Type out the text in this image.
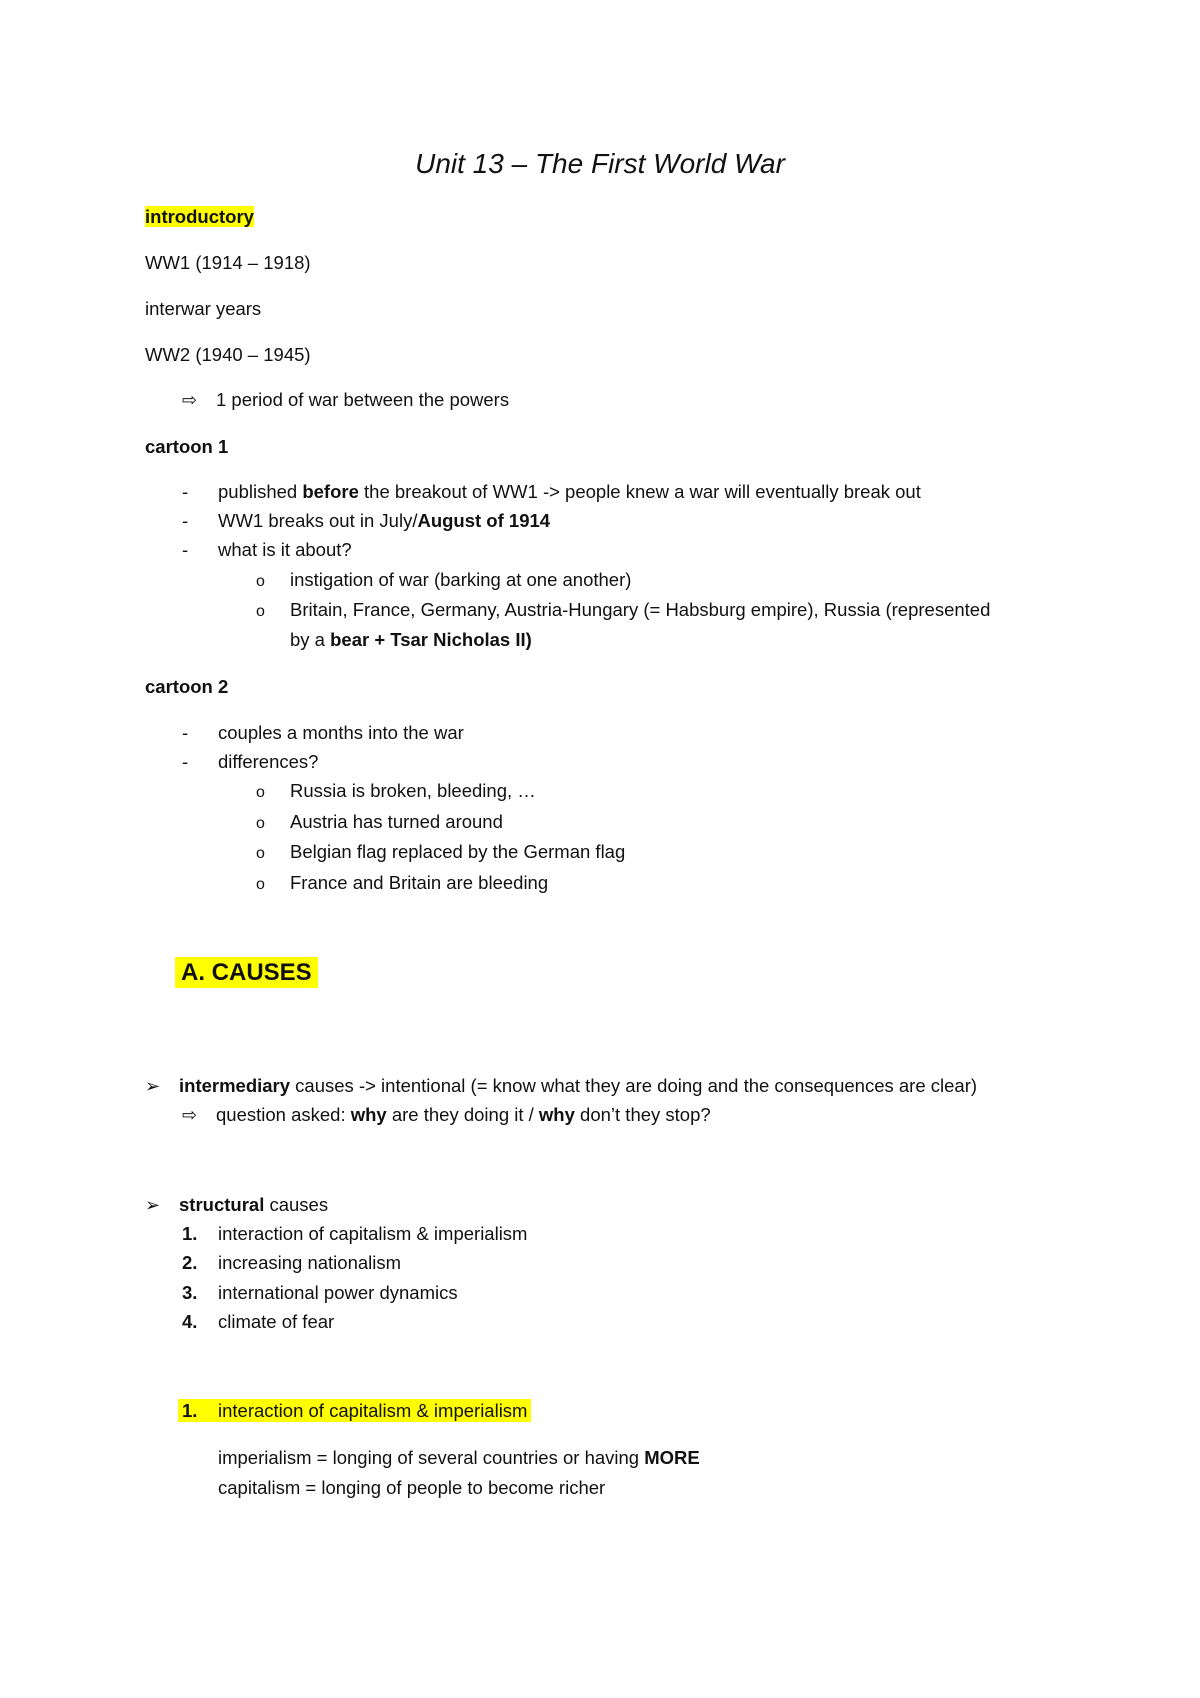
Unit 13 – The First World War
introductory
WW1 (1914 – 1918)
interwar years
WW2 (1940 – 1945)
⇨ 1 period of war between the powers
cartoon 1
- published before the breakout of WW1 -> people knew a war will eventually break out
- WW1 breaks out in July/August of 1914
- what is it about?
o instigation of war (barking at one another)
o Britain, France, Germany, Austria-Hungary (= Habsburg empire), Russia (represented
by a bear + Tsar Nicholas II)
cartoon 2
- couples a months into the war
- differences?
o Russia is broken, bleeding, …
o Austria has turned around
o Belgian flag replaced by the German flag
o France and Britain are bleeding
A. CAUSES
➢ intermediary causes -> intentional (= know what they are doing and the consequences are clear)
⇨ question asked: why are they doing it / why don’t they stop?
➢ structural causes
1. interaction of capitalism & imperialism
2. increasing nationalism
3. international power dynamics
4. climate of fear
1. interaction of capitalism & imperialism
imperialism = longing of several countries or having MORE
capitalism = longing of people to become richer
